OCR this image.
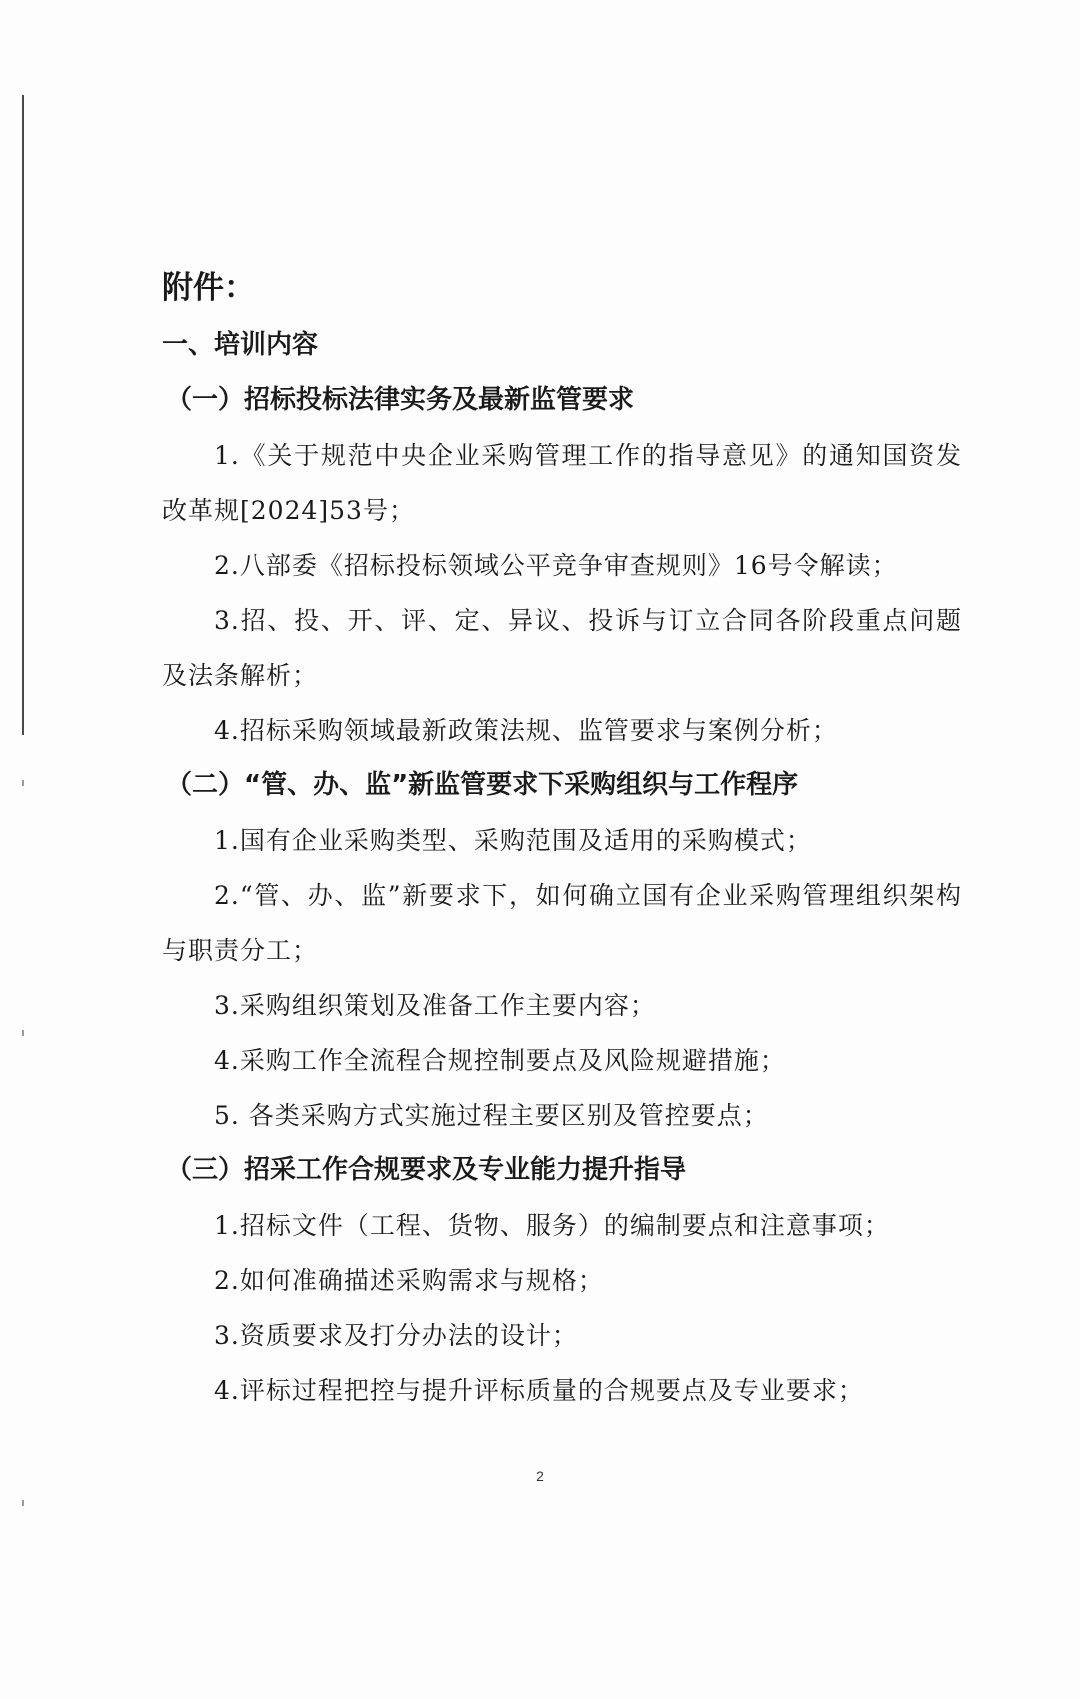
附件：

一、培训内容

（一）招标投标法律实务及最新监管要求

1.《关于规范中央企业采购管理工作的指导意见》的通知国资发改革规[2024]53号；

2.八部委《招标投标领域公平竞争审查规则》16号令解读；

3.招、投、开、评、定、异议、投诉与订立合同各阶段重点问题及法条解析；

4.招标采购领域最新政策法规、监管要求与案例分析；

（二）“管、办、监”新监管要求下采购组织与工作程序

1.国有企业采购类型、采购范围及适用的采购模式；

2.“管、办、监”新要求下，如何确立国有企业采购管理组织架构与职责分工；

3.采购组织策划及准备工作主要内容；

4.采购工作全流程合规控制要点及风险规避措施；

5. 各类采购方式实施过程主要区别及管控要点；

（三）招采工作合规要求及专业能力提升指导

1.招标文件（工程、货物、服务）的编制要点和注意事项；

2.如何准确描述采购需求与规格；

3.资质要求及打分办法的设计；

4.评标过程把控与提升评标质量的合规要点及专业要求；

2
